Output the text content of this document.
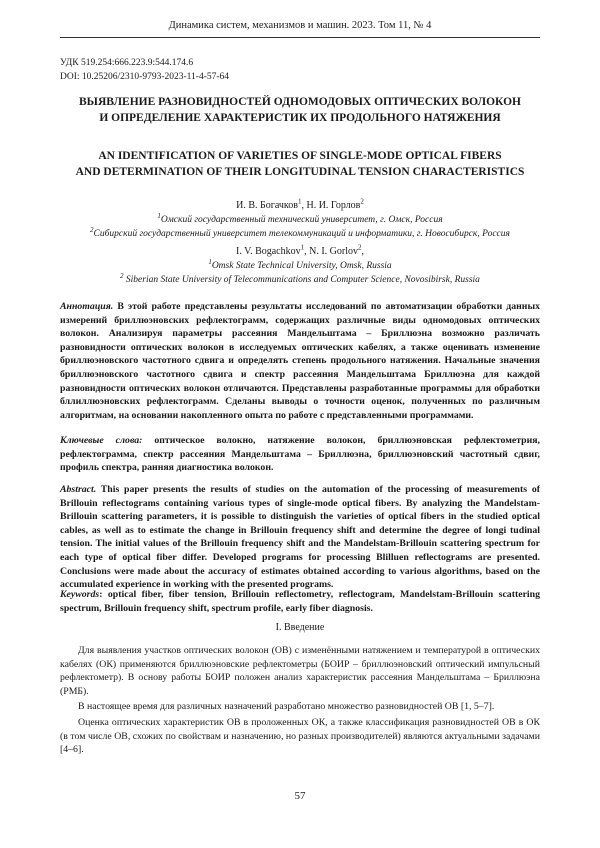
Динамика систем, механизмов и машин. 2023. Том 11, № 4
УДК 519.254:666.223.9:544.174.6
DOI: 10.25206/2310-9793-2023-11-4-57-64
ВЫЯВЛЕНИЕ РАЗНОВИДНОСТЕЙ ОДНОМОДОВЫХ ОПТИЧЕСКИХ ВОЛОКОН
И ОПРЕДЕЛЕНИЕ ХАРАКТЕРИСТИК ИХ ПРОДОЛЬНОГО НАТЯЖЕНИЯ
AN IDENTIFICATION OF VARIETIES OF SINGLE-MODE OPTICAL FIBERS
AND DETERMINATION OF THEIR LONGITUDINAL TENSION CHARACTERISTICS
И. В. Богачков$^1$, Н. И. Горлов$^2$
$^1$Омский государственный технический университет, г. Омск, Россия
$^2$Сибирский государственный университет телекоммуникаций и информатики, г. Новосибирск, Россия
I. V. Bogachkov$^1$, N. I. Gorlov$^2$,
$^1$Omsk State Technical University, Omsk, Russia
$^2$ Siberian State University of Telecommunications and Computer Science, Novosibirsk, Russia
Аннотация. В этой работе представлены результаты исследований по автоматизации обработки данных измерений бриллюэновских рефлектограмм, содержащих различные виды одномодовых оптических волокон. Анализируя параметры рассеяния Мандельштама – Бриллюэна возможно различать разновидности оптических волокон в исследуемых оптических кабелях, а также оценивать изменение бриллюэновского частотного сдвига и определять степень продольного натяжения. Начальные значения бриллюэновского частотного сдвига и спектр рассеяния Мандельштама Бриллюэна для каждой разновидности оптических волокон отличаются. Представлены разработанные программы для обработки бллиллюэновских рефлектограмм. Сделаны выводы о точности оценок, полученных по различным алгоритмам, на основании накопленного опыта по работе с представленными программами.
Ключевые слова: оптическое волокно, натяжение волокон, бриллюэновская рефлектометрия, рефлектограмма, спектр рассеяния Мандельштама – Бриллюэна, бриллюэновский частотный сдвиг, профиль спектра, ранняя диагностика волокон.
Abstract. This paper presents the results of studies on the automation of the processing of measurements of Brillouin reflectograms containing various types of single-mode optical fibers. By analyzing the Mandelstam-Brillouin scattering parameters, it is possible to distinguish the varieties of optical fibers in the studied optical cables, as well as to estimate the change in Brillouin frequency shift and determine the degree of longi tudinal tension. The initial values of the Brillouin frequency shift and the Mandelstam-Brillouin scattering spectrum for each type of optical fiber differ. Developed programs for processing Blilluen reflectograms are presented. Conclusions were made about the accuracy of estimates obtained according to various algorithms, based on the accumulated experience in working with the presented programs.
Keywords: optical fiber, fiber tension, Brillouin reflectometry, reflectogram, Mandelstam-Brillouin scattering spectrum, Brillouin frequency shift, spectrum profile, early fiber diagnosis.
I. Введение

Для выявления участков оптических волокон (ОВ) с изменёнными натяжением и температурой в оптических кабелях (ОК) применяются бриллюэновские рефлектометры (БОИР – бриллюэновский оптический импульсный рефлектометр). В основу работы БОИР положен анализ характеристик рассеяния Мандельштама – Бриллюэна (РМБ).

В настоящее время для различных назначений разработано множество разновидностей ОВ [1, 5–7].

Оценка оптических характеристик ОВ в проложенных ОК, а также классификация разновидностей ОВ в ОК (в том числе ОВ, схожих по свойствам и назначению, но разных производителей) являются актуальными задачами [4–6].

57
